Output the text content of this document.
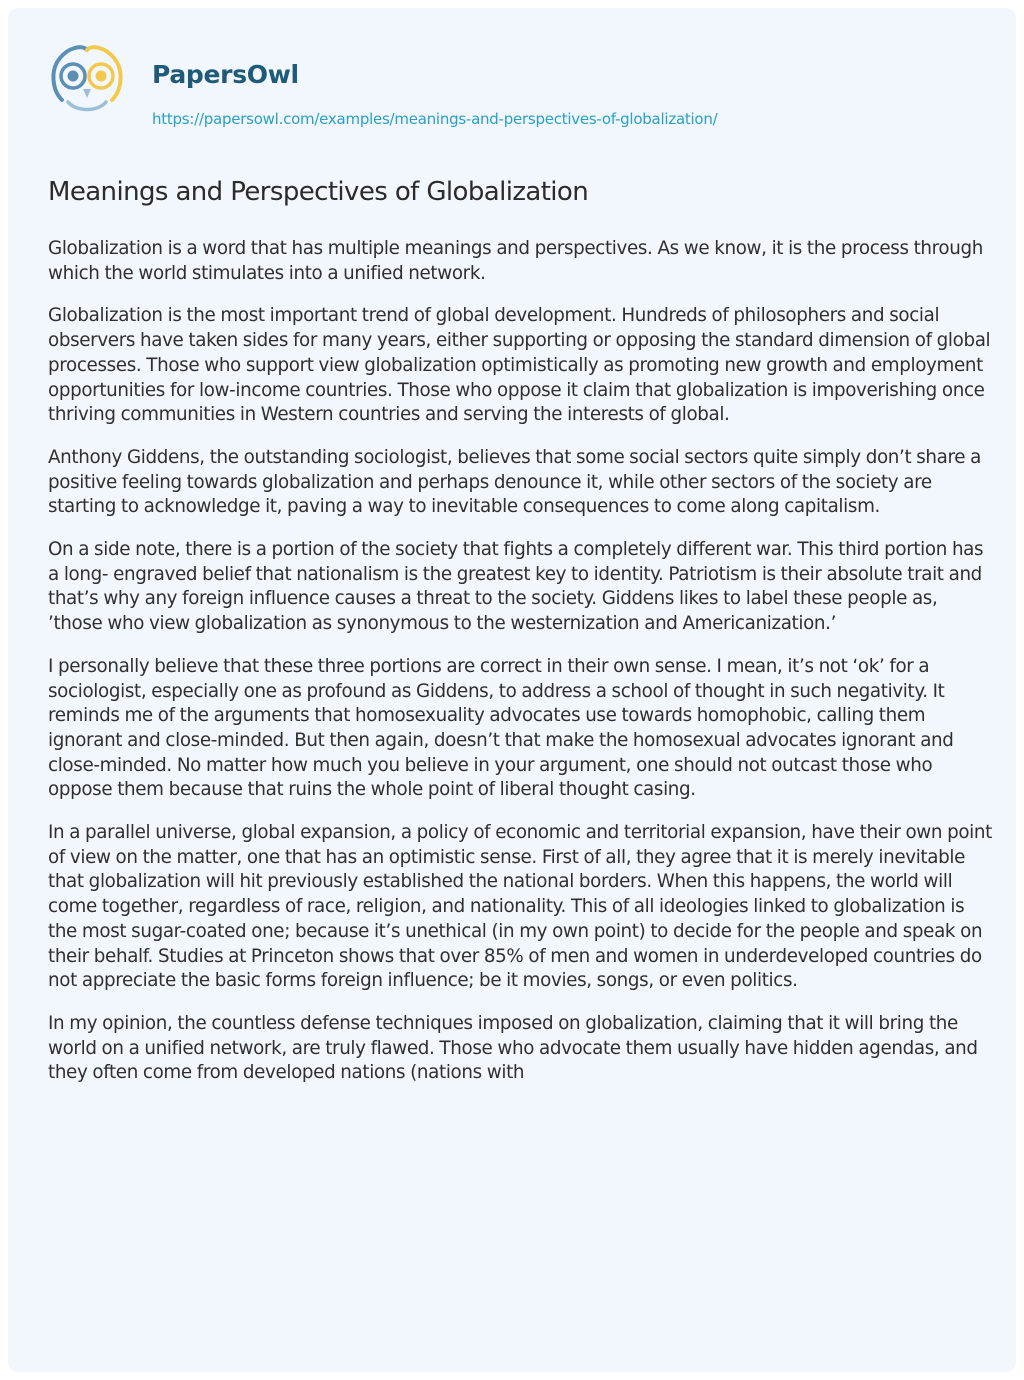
PapersOwl
https://papersowl.com/examples/meanings-and-perspectives-of-globalization/
Meanings and Perspectives of Globalization

Globalization is a word that has multiple meanings and perspectives. As we know, it is the process through which the world stimulates into a unified network.

Globalization is the most important trend of global development. Hundreds of philosophers and social observers have taken sides for many years, either supporting or opposing the standard dimension of global processes. Those who support view globalization optimistically as promoting new growth and employment opportunities for low-income countries. Those who oppose it claim that globalization is impoverishing once thriving communities in Western countries and serving the interests of global.

Anthony Giddens, the outstanding sociologist, believes that some social sectors quite simply don’t share a positive feeling towards globalization and perhaps denounce it, while other sectors of the society are starting to acknowledge it, paving a way to inevitable consequences to come along capitalism.

On a side note, there is a portion of the society that fights a completely different war. This third portion has a long- engraved belief that nationalism is the greatest key to identity. Patriotism is their absolute trait and that’s why any foreign influence causes a threat to the society. Giddens likes to label these people as, ’those who view globalization as synonymous to the westernization and Americanization.’

I personally believe that these three portions are correct in their own sense. I mean, it’s not ‘ok’ for a sociologist, especially one as profound as Giddens, to address a school of thought in such negativity. It reminds me of the arguments that homosexuality advocates use towards homophobic, calling them ignorant and close-minded. But then again, doesn’t that make the homosexual advocates ignorant and close-minded. No matter how much you believe in your argument, one should not outcast those who oppose them because that ruins the whole point of liberal thought casing.

In a parallel universe, global expansion, a policy of economic and territorial expansion, have their own point of view on the matter, one that has an optimistic sense. First of all, they agree that it is merely inevitable that globalization will hit previously established the national borders. When this happens, the world will come together, regardless of race, religion, and nationality. This of all ideologies linked to globalization is the most sugar-coated one; because it’s unethical (in my own point) to decide for the people and speak on their behalf. Studies at Princeton shows that over 85% of men and women in underdeveloped countries do not appreciate the basic forms foreign influence; be it movies, songs, or even politics.

In my opinion, the countless defense techniques imposed on globalization, claiming that it will bring the world on a unified network, are truly flawed. Those who advocate them usually have hidden agendas, and they often come from developed nations (nations with
